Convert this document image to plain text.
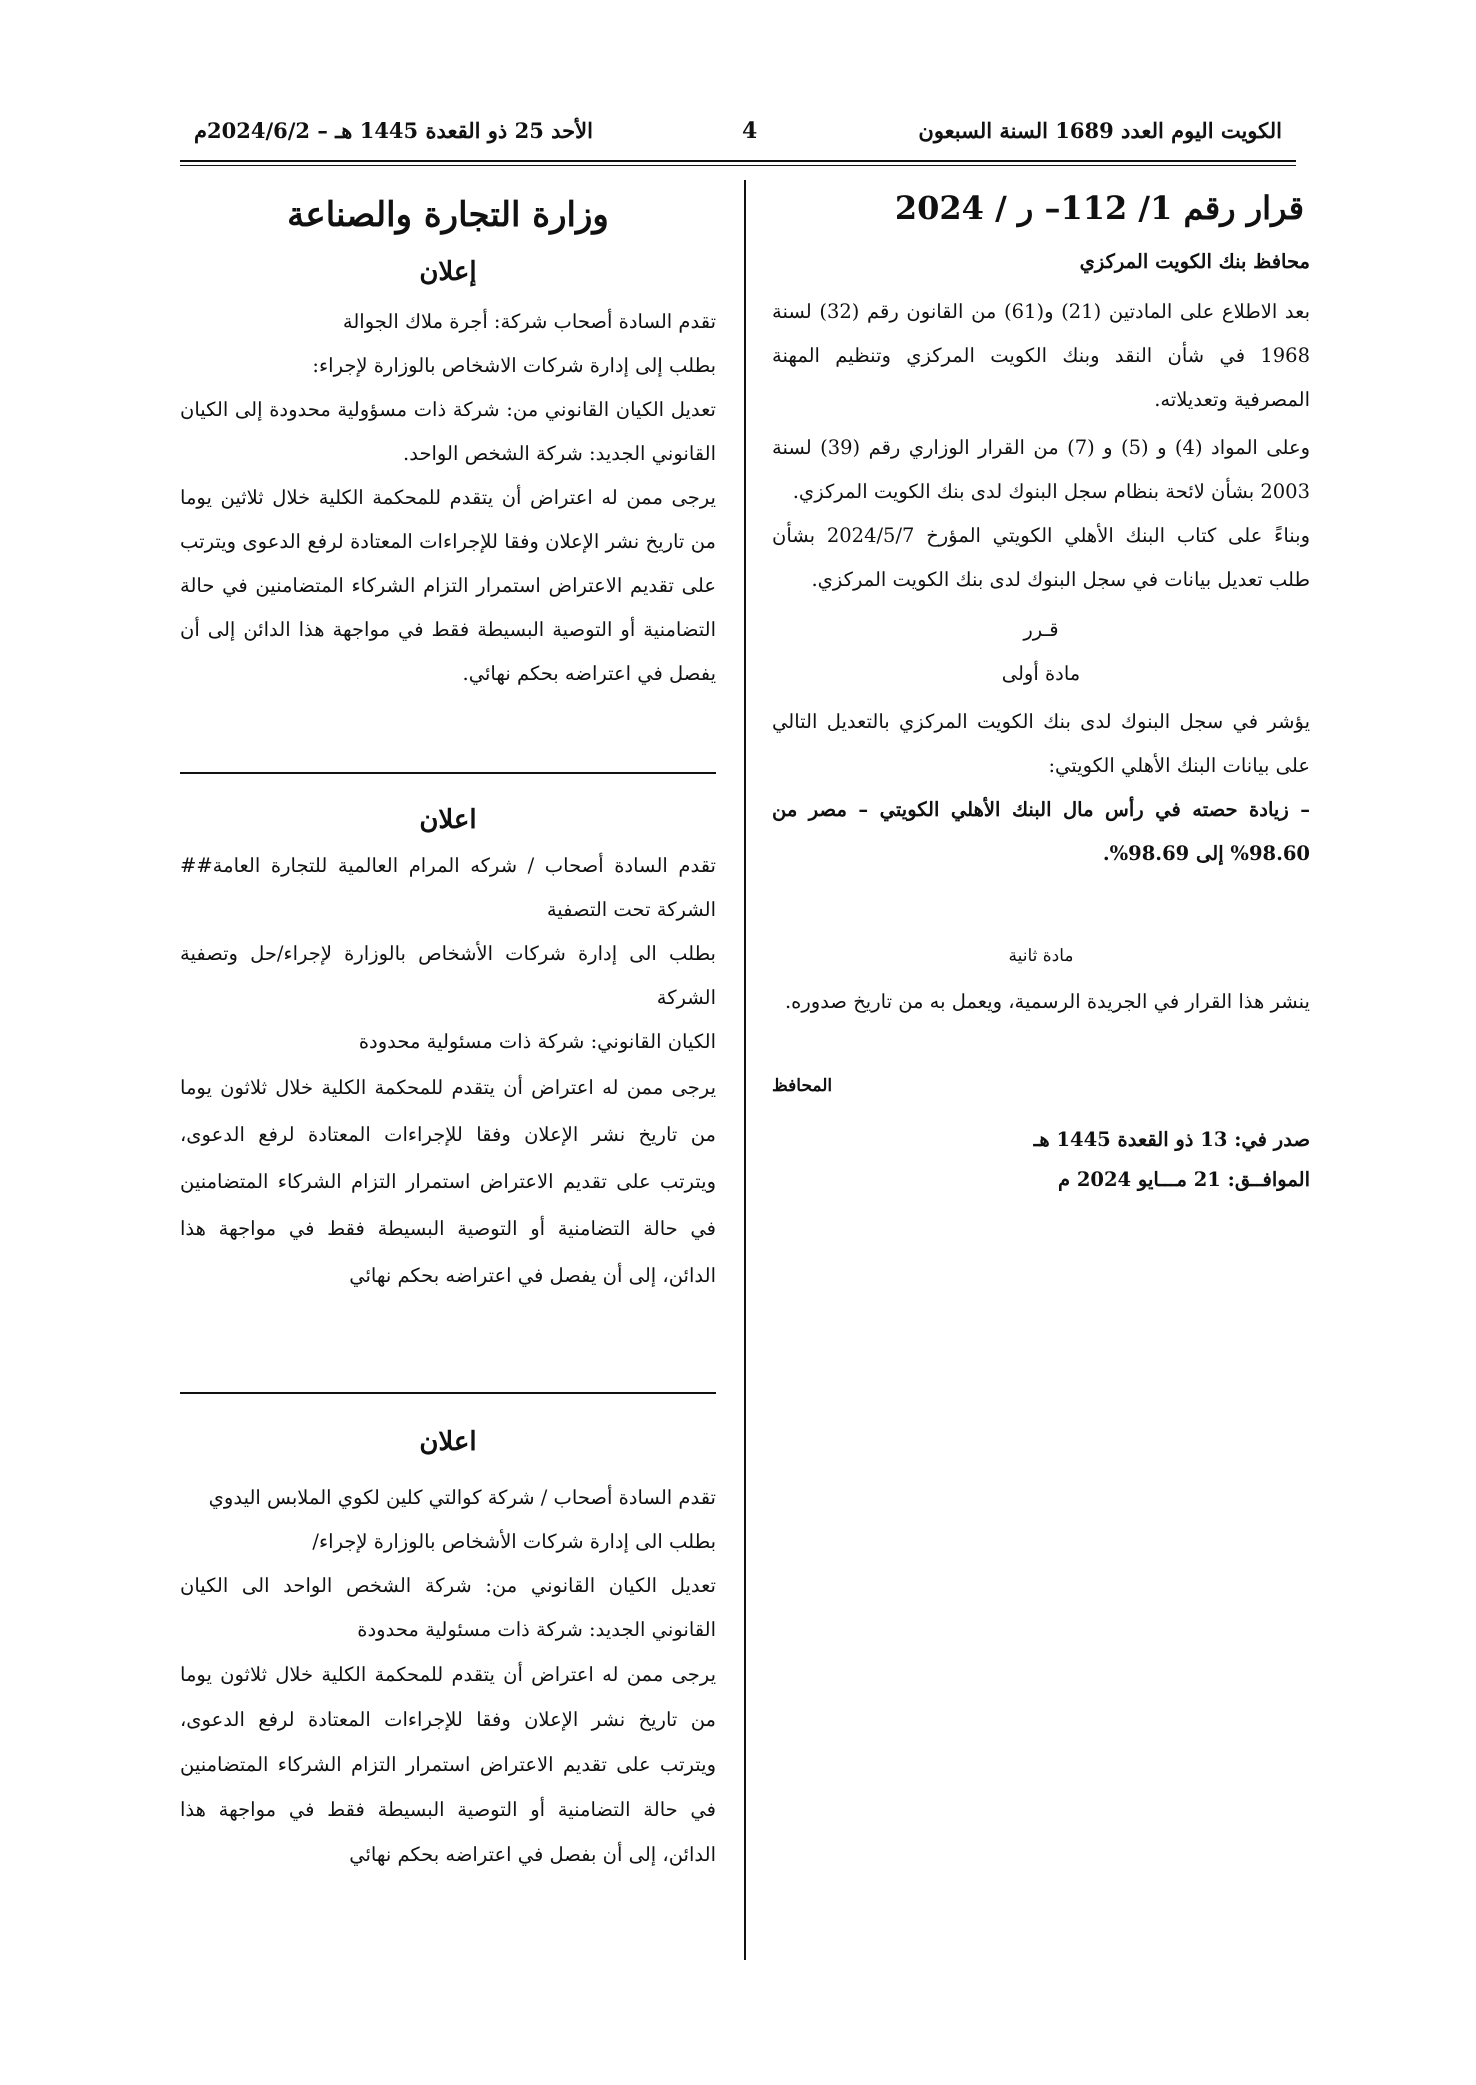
الكويت اليوم العدد 1689 السنة السبعون
4
الأحد 25 ذو القعدة 1445 هـ – 2024/6/2م
قرار رقم 1/ 112– ر / 2024

محافظ بنك الكويت المركزي

بعد الاطلاع على المادتين (21) و(61) من القانون رقم (32) لسنة 1968 في شأن النقد وبنك الكويت المركزي وتنظيم المهنة المصرفية وتعديلاته.

وعلى المواد (4) و (5) و (7) من القرار الوزاري رقم (39) لسنة 2003 بشأن لائحة بنظام سجل البنوك لدى بنك الكويت المركزي.

وبناءً على كتاب البنك الأهلي الكويتي المؤرخ 2024/5/7 بشأن طلب تعديل بيانات في سجل البنوك لدى بنك الكويت المركزي.

قـرر

مادة أولى

يؤشر في سجل البنوك لدى بنك الكويت المركزي بالتعديل التالي على بيانات البنك الأهلي الكويتي:

– زيادة حصته في رأس مال البنك الأهلي الكويتي – مصر من 98.60% إلى 98.69%.

مادة ثانية

ينشر هذا القرار في الجريدة الرسمية، ويعمل به من تاريخ صدوره.

المحافظ

صدر في: 13 ذو القعدة 1445 هـ

الموافــق: 21 مـــايو 2024 م

وزارة التجارة والصناعة
إعلان

تقدم السادة أصحاب شركة: أجرة ملاك الجوالة

بطلب إلى إدارة شركات الاشخاص بالوزارة لإجراء:

تعديل الكيان القانوني من: شركة ذات مسؤولية محدودة إلى الكيان القانوني الجديد: شركة الشخص الواحد.

يرجى ممن له اعتراض أن يتقدم للمحكمة الكلية خلال ثلاثين يوما من تاريخ نشر الإعلان وفقا للإجراءات المعتادة لرفع الدعوى ويترتب على تقديم الاعتراض استمرار التزام الشركاء المتضامنين في حالة التضامنية أو التوصية البسيطة فقط في مواجهة هذا الدائن إلى أن يفصل في اعتراضه بحكم نهائي.

اعلان

تقدم السادة أصحاب / شركه المرام العالمية للتجارة العامة## الشركة تحت التصفية

بطلب الى إدارة شركات الأشخاص بالوزارة لإجراء/حل وتصفية الشركة

الكيان القانوني: شركة ذات مسئولية محدودة

يرجى ممن له اعتراض أن يتقدم للمحكمة الكلية خلال ثلاثون يوما من تاريخ نشر الإعلان وفقا للإجراءات المعتادة لرفع الدعوى، ويترتب على تقديم الاعتراض استمرار التزام الشركاء المتضامنين في حالة التضامنية أو التوصية البسيطة فقط في مواجهة هذا الدائن، إلى أن يفصل في اعتراضه بحكم نهائي

اعلان

تقدم السادة أصحاب / شركة كوالتي كلين لكوي الملابس اليدوي

بطلب الى إدارة شركات الأشخاص بالوزارة لإجراء/

تعديل الكيان القانوني من: شركة الشخص الواحد الى الكيان القانوني الجديد: شركة ذات مسئولية محدودة

يرجى ممن له اعتراض أن يتقدم للمحكمة الكلية خلال ثلاثون يوما من تاريخ نشر الإعلان وفقا للإجراءات المعتادة لرفع الدعوى، ويترتب على تقديم الاعتراض استمرار التزام الشركاء المتضامنين في حالة التضامنية أو التوصية البسيطة فقط في مواجهة هذا الدائن، إلى أن بفصل في اعتراضه بحكم نهائي
